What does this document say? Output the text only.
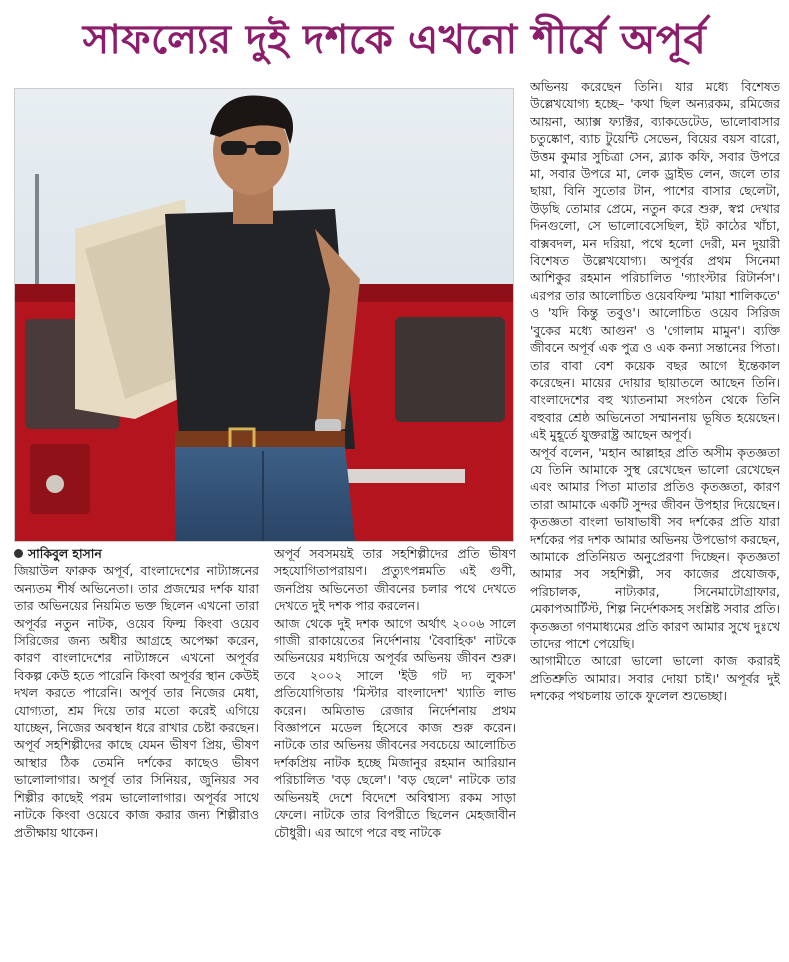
সাফল্যের দুই দশকে এখনো শীর্ষে অপূর্ব

সাকিবুল হাসান

জিয়াউল ফারুক অপূর্ব, বাংলাদেশের নাট্যাঙ্গনের অন্যতম শীর্ষ অভিনেতা। তার প্রজন্মের দর্শক যারা তার অভিনয়ের নিয়মিত ভক্ত ছিলেন এখনো তারা অপূর্বর নতুন নাটক, ওয়েব ফিল্ম কিংবা ওয়েব সিরিজের জন্য অধীর আগ্রহে অপেক্ষা করেন, কারণ বাংলাদেশের নাট্যাঙ্গনে এখনো অপূর্বর বিকল্প কেউ হতে পারেনি কিংবা অপূর্বর স্থান কেউই দখল করতে পারেনি। অপূর্ব তার নিজের মেধা, যোগ্যতা, শ্রম দিয়ে তার মতো করেই এগিয়ে যাচ্ছেন, নিজের অবস্থান ধরে রাখার চেষ্টা করছেন। অপূর্ব সহশিল্পীদের কাছে যেমন ভীষণ প্রিয়, ভীষণ আস্থার ঠিক তেমনি দর্শকের কাছেও ভীষণ ভালোলাগার। অপূর্ব তার সিনিয়র, জুনিয়র সব শিল্পীর কাছেই পরম ভালোলাগার। অপূর্বর সাথে নাটকে কিংবা ওয়েবে কাজ করার জন্য শিল্পীরাও প্রতীক্ষায় থাকেন।

অপূর্ব সবসময়ই তার সহশিল্পীদের প্রতি ভীষণ সহযোগিতাপরায়ণ। প্রত্যুৎপন্নমতি এই গুণী, জনপ্রিয় অভিনেতা জীবনের চলার পথে দেখতে দেখতে দুই দশক পার করলেন।

আজ থেকে দুই দশক আগে অর্থাৎ ২০০৬ সালে গাজী রাকায়েতের নির্দেশনায় 'বৈবাহিক' নাটকে অভিনয়ের মধ্যদিয়ে অপূর্বর অভিনয় জীবন শুরু। তবে ২০০২ সালে 'ইউ গট দ্য লুকস' প্রতিযোগিতায় 'মিস্টার বাংলাদেশ' খ্যাতি লাভ করেন। অমিতাভ রেজার নির্দেশনায় প্রথম বিজ্ঞাপনে মডেল হিসেবে কাজ শুরু করেন। নাটকে তার অভিনয় জীবনের সবচেয়ে আলোচিত দর্শকপ্রিয় নাটক হচ্ছে মিজানুর রহমান আরিয়ান পরিচালিত 'বড় ছেলে'। 'বড় ছেলে' নাটকে তার অভিনয়ই দেশে বিদেশে অবিশ্বাস্য রকম সাড়া ফেলে। নাটকে তার বিপরীতে ছিলেন মেহজাবীন চৌধুরী। এর আগে পরে বহু নাটকে

অভিনয় করেছেন তিনি। যার মধ্যে বিশেষত উল্লেখযোগ্য হচ্ছে– 'কথা ছিল অন্যরকম, রমিজের আয়না, অ্যাক্স ফ্যাক্টর, ব্যাকডেটেড, ভালোবাসার চতুষ্কোণ, ব্যাচ টুয়েন্টি সেভেন, বিয়ের বয়স বারো, উত্তম কুমার সুচিত্রা সেন, ব্ল্যাক কফি, সবার উপরে মা, সবার উপরে মা, লেক ড্রাইভ লেন, জলে তার ছায়া, বিনি সুতোর টান, পাশের বাসার ছেলেটা, উড়ছি তোমার প্রেমে, নতুন করে শুরু, স্বপ্ন দেখার দিনগুলো, সে ভালোবেসেছিল, ইট কাঠের খাঁচা, বাক্সবদল, মন দরিয়া, পথে হলো দেরী, মন দুয়ারী বিশেষত উল্লেখযোগ্য। অপূর্বর প্রথম সিনেমা আশিকুর রহমান পরিচালিত 'গ্যাংস্টার রিটার্নস'। এরপর তার আলোচিত ওয়েবফিল্ম 'মায়া শালিকতে' ও 'যদি কিন্তু তবুও'। আলোচিত ওয়েব সিরিজ 'বুকের মধ্যে আগুন' ও 'গোলাম মামুন'। ব্যক্তি জীবনে অপূর্ব এক পুত্র ও এক কন্যা সন্তানের পিতা। তার বাবা বেশ কয়েক বছর আগে ইন্তেকাল করেছেন। মায়ের দোয়ার ছায়াতলে আছেন তিনি। বাংলাদেশের বহু খ্যাতনামা সংগঠন থেকে তিনি বহুবার শ্রেষ্ঠ অভিনেতা সম্মাননায় ভূষিত হয়েছেন। এই মুহূর্তে যুক্তরাষ্ট্র আছেন অপূর্ব।

অপূর্ব বলেন, 'মহান আল্লাহর প্রতি অসীম কৃতজ্ঞতা যে তিনি আমাকে সুস্থ রেখেছেন ভালো রেখেছেন এবং আমার পিতা মাতার প্রতিও কৃতজ্ঞতা, কারণ তারা আমাকে একটি সুন্দর জীবন উপহার দিয়েছেন। কৃতজ্ঞতা বাংলা ভাষাভাষী সব দর্শকের প্রতি যারা দর্শকের পর দশক আমার অভিনয় উপভোগ করছেন, আমাকে প্রতিনিয়ত অনুপ্রেরণা দিচ্ছেন। কৃতজ্ঞতা আমার সব সহশিল্পী, সব কাজের প্রযোজক, পরিচালক, নাট্যকার, সিনেমাটোগ্রাফার, মেকাপআর্টিস্ট, শিল্প নির্দেশকসহ সংশ্লিষ্ট সবার প্রতি। কৃতজ্ঞতা গণমাধ্যমের প্রতি কারণ আমার সুখে দুঃখে তাদের পাশে পেয়েছি।

আগামীতে আরো ভালো ভালো কাজ করারই প্রতিশ্রুতি আমার। সবার দোয়া চাই।' অপূর্বর দুই দশকের পথচলায় তাকে ফুলেল শুভেচ্ছা।
